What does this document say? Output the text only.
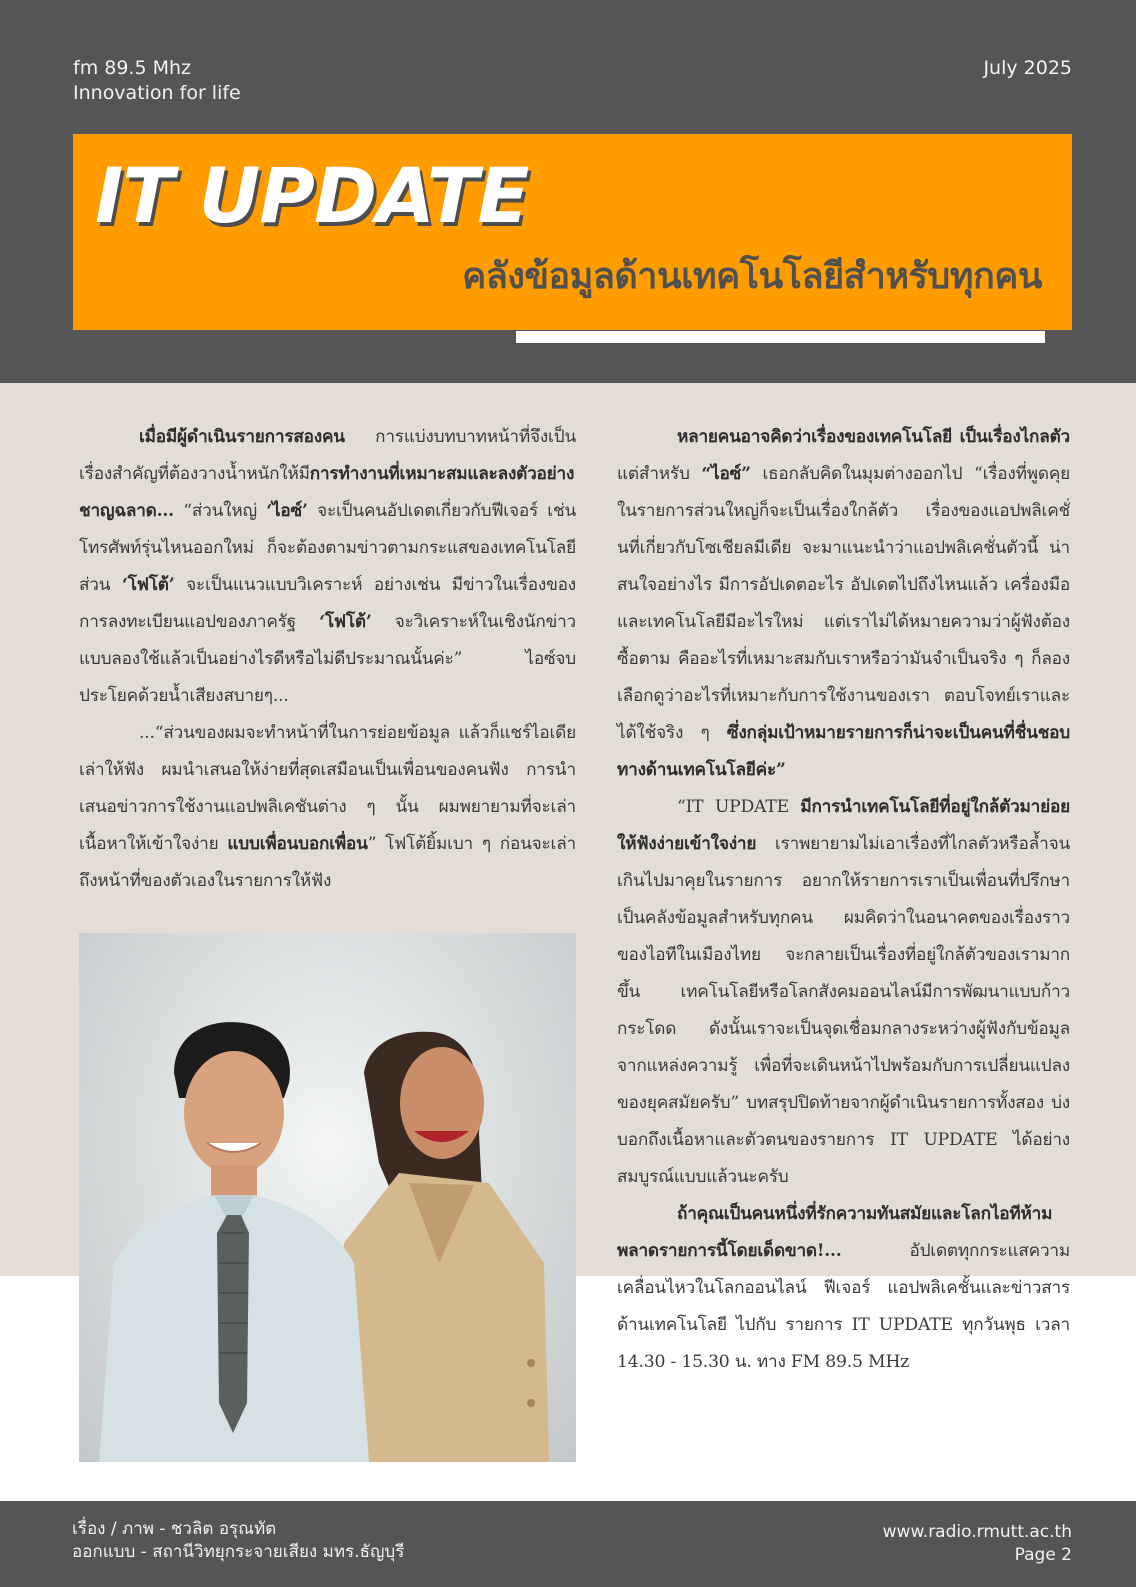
fm 89.5 Mhz
Innovation for life
July 2025
IT UPDATE
คลังข้อมูลด้านเทคโนโลยีสำหรับทุกคน

เมื่อมีผู้ดำเนินรายการสองคน การแบ่งบทบาทหน้าที่จึงเป็นเรื่องสำคัญที่ต้องวางน้ำหนักให้มีการทำงานที่เหมาะสมและลงตัวอย่างชาญฉลาด... “ส่วนใหญ่ ‘ไอซ์’ จะเป็นคนอัปเดตเกี่ยวกับฟีเจอร์ เช่น โทรศัพท์รุ่นไหนออกใหม่ ก็จะต้องตามข่าวตามกระแสของเทคโนโลยี ส่วน ‘โฟโต้’ จะเป็นแนวแบบวิเคราะห์ อย่างเช่น มีข่าวในเรื่องของการลงทะเบียนแอปของภาครัฐ ‘โฟโต้’ จะวิเคราะห์ในเชิงนักข่าว แบบลองใช้แล้วเป็นอย่างไรดีหรือไม่ดีประมาณนั้นค่ะ” ไอซ์จบประโยคด้วยน้ำเสียงสบายๆ...

...“ส่วนของผมจะทำหน้าที่ในการย่อยข้อมูล แล้วก็แชร์ไอเดีย เล่าให้ฟัง ผมนำเสนอให้ง่ายที่สุดเสมือนเป็นเพื่อนของคนฟัง การนำเสนอข่าวการใช้งานแอปพลิเคชันต่าง ๆ นั้น ผมพยายามที่จะเล่าเนื้อหาให้เข้าใจง่าย แบบเพื่อนบอกเพื่อน” โฟโต้ยิ้มเบา ๆ ก่อนจะเล่าถึงหน้าที่ของตัวเองในรายการให้ฟัง

หลายคนอาจคิดว่าเรื่องของเทคโนโลยี เป็นเรื่องไกลตัว แต่สำหรับ “ไอซ์” เธอกลับคิดในมุมต่างออกไป “เรื่องที่พูดคุยในรายการส่วนใหญ่ก็จะเป็นเรื่องใกล้ตัว เรื่องของแอปพลิเคชั่นที่เกี่ยวกับโซเชียลมีเดีย จะมาแนะนำว่าแอปพลิเคชั่นตัวนี้ น่าสนใจอย่างไร มีการอัปเดตอะไร อัปเดตไปถึงไหนแล้ว เครื่องมือและเทคโนโลยีมีอะไรใหม่ แต่เราไม่ได้หมายความว่าผู้ฟังต้องซื้อตาม คืออะไรที่เหมาะสมกับเราหรือว่ามันจำเป็นจริง ๆ ก็ลองเลือกดูว่าอะไรที่เหมาะกับการใช้งานของเรา ตอบโจทย์เราและได้ใช้จริง ๆ ซึ่งกลุ่มเป้าหมายรายการก็น่าจะเป็นคนที่ชื่นชอบทางด้านเทคโนโลยีค่ะ”

“IT UPDATE มีการนำเทคโนโลยีที่อยู่ใกล้ตัวมาย่อยให้ฟังง่ายเข้าใจง่าย เราพยายามไม่เอาเรื่องที่ไกลตัวหรือล้ำจนเกินไปมาคุยในรายการ อยากให้รายการเราเป็นเพื่อนที่ปรึกษา เป็นคลังข้อมูลสำหรับทุกคน ผมคิดว่าในอนาคตของเรื่องราวของไอทีในเมืองไทย จะกลายเป็นเรื่องที่อยู่ใกล้ตัวของเรามากขึ้น เทคโนโลยีหรือโลกสังคมออนไลน์มีการพัฒนาแบบก้าวกระโดด ดังนั้นเราจะเป็นจุดเชื่อมกลางระหว่างผู้ฟังกับข้อมูลจากแหล่งความรู้ เพื่อที่จะเดินหน้าไปพร้อมกับการเปลี่ยนแปลงของยุคสมัยครับ” บทสรุปปิดท้ายจากผู้ดำเนินรายการทั้งสอง บ่งบอกถึงเนื้อหาและตัวตนของรายการ IT UPDATE ได้อย่างสมบูรณ์แบบแล้วนะครับ

ถ้าคุณเป็นคนหนึ่งที่รักความทันสมัยและโลกไอทีห้ามพลาดรายการนี้โดยเด็ดขาด!... อัปเดตทุกกระแสความเคลื่อนไหวในโลกออนไลน์ ฟีเจอร์ แอปพลิเคชั้นและข่าวสารด้านเทคโนโลยี ไปกับ รายการ IT UPDATE ทุกวันพุธ เวลา 14.30 - 15.30 น. ทาง FM 89.5 MHz

เรื่อง / ภาพ - ชวลิต อรุณทัต
ออกแบบ - สถานีวิทยุกระจายเสียง มทร.ธัญบุรี
www.radio.rmutt.ac.th
Page 2
